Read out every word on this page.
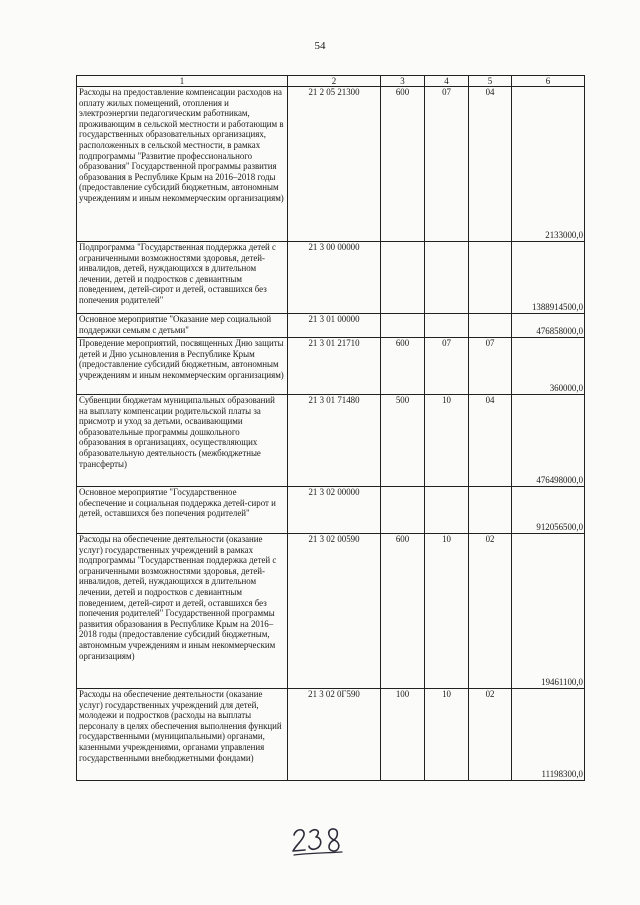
54
1	2	3	4	5	6
Расходы на предоставление компенсации расходов на оплату жилых помещений, отопления и электроэнергии педагогическим работникам, проживающим в сельской местности и работающим в государственных образовательных организациях, расположенных в сельской местности, в рамках подпрограммы "Развитие профессионального образования" Государственной программы развития образования в Республике Крым на 2016–2018 годы (предоставление субсидий бюджетным, автономным учреждениям и иным некоммерческим организациям)	21 2 05 21300	600	07	04	2133000,0
Подпрограмма "Государственная поддержка детей с ограниченными возможностями здоровья, детей-инвалидов, детей, нуждающихся в длительном лечении, детей и подростков с девиантным поведением, детей-сирот и детей, оставшихся без попечения родителей"	21 3 00 00000				1388914500,0
Основное мероприятие "Оказание мер социальной поддержки семьям с детьми"	21 3 01 00000				476858000,0
Проведение мероприятий, посвященных Дню защиты детей и Дню усыновления в Республике Крым (предоставление субсидий бюджетным, автономным учреждениям и иным некоммерческим организациям)	21 3 01 21710	600	07	07	360000,0
Субвенции бюджетам муниципальных образований на выплату компенсации родительской платы за присмотр и уход за детьми, осваивающими образовательные программы дошкольного образования в организациях, осуществляющих образовательную деятельность (межбюджетные трансферты)	21 3 01 71480	500	10	04	476498000,0
Основное мероприятие "Государственное обеспечение и социальная поддержка детей-сирот и детей, оставшихся без попечения родителей"	21 3 02 00000				912056500,0
Расходы на обеспечение деятельности (оказание услуг) государственных учреждений в рамках подпрограммы "Государственная поддержка детей с ограниченными возможностями здоровья, детей-инвалидов, детей, нуждающихся в длительном лечении, детей и подростков с девиантным поведением, детей-сирот и детей, оставшихся без попечения родителей" Государственной программы развития образования в Республике Крым на 2016–2018 годы (предоставление субсидий бюджетным, автономным учреждениям и иным некоммерческим организациям)	21 3 02 00590	600	10	02	19461100,0
Расходы на обеспечение деятельности (оказание услуг) государственных учреждений для детей, молодежи и подростков (расходы на выплаты персоналу в целях обеспечения выполнения функций государственными (муниципальными) органами, казенными учреждениями, органами управления государственными внебюджетными фондами)	21 3 02 0Г590	100	10	02	11198300,0
